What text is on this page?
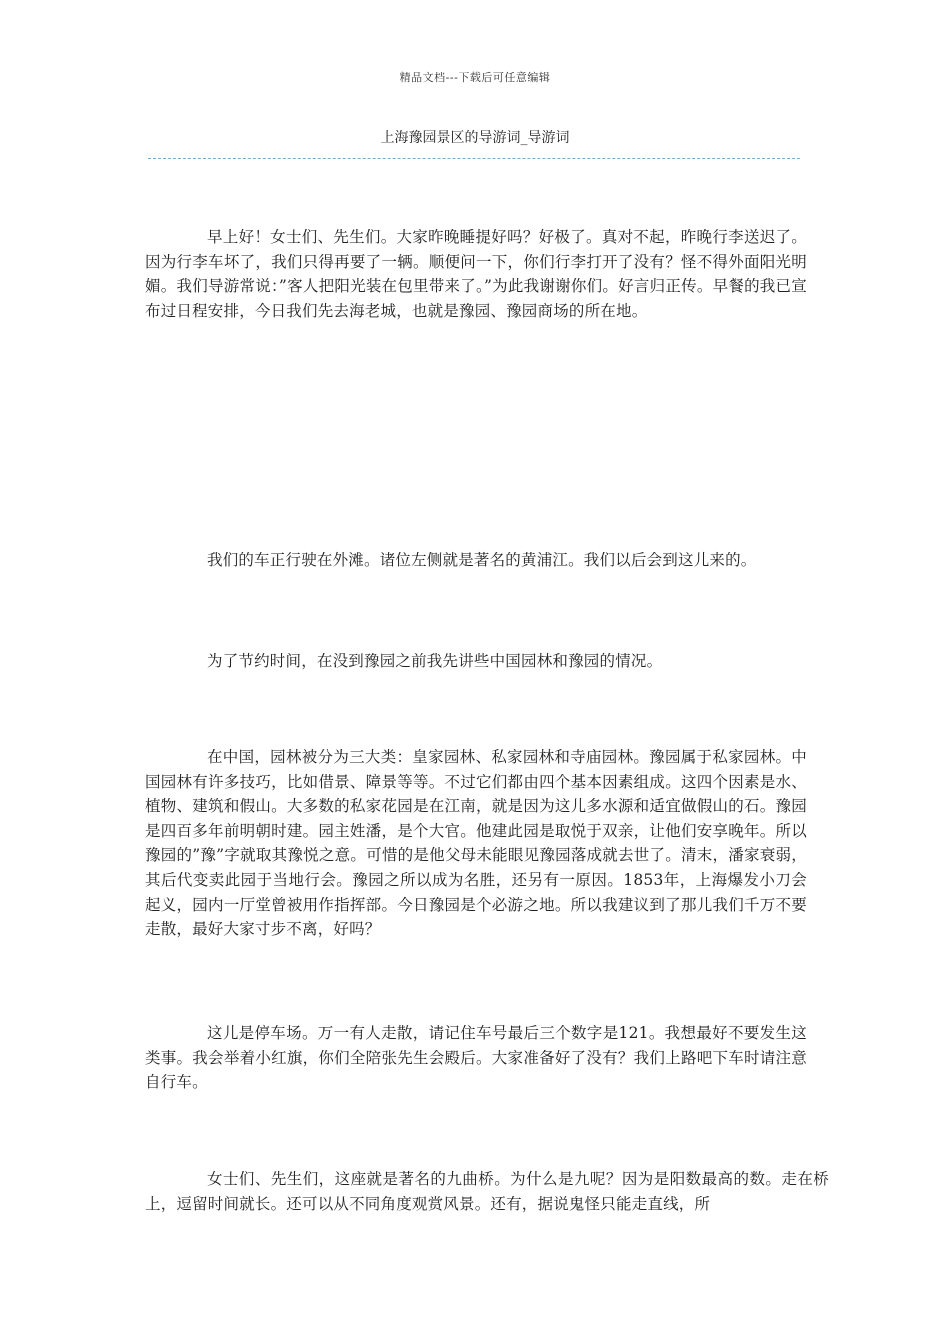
精品文档---下载后可任意编辑
上海豫园景区的导游词_导游词

早上好！女士们、先生们。大家昨晚睡提好吗？好极了。真对不起，昨晚行李送迟了。因为行李车坏了，我们只得再要了一辆。顺便问一下，你们行李打开了没有？怪不得外面阳光明媚。我们导游常说：”客人把阳光装在包里带来了。”为此我谢谢你们。好言归正传。早餐的我已宣布过日程安排，今日我们先去海老城，也就是豫园、豫园商场的所在地。

我们的车正行驶在外滩。诸位左侧就是著名的黄浦江。我们以后会到这儿来的。

为了节约时间，在没到豫园之前我先讲些中国园林和豫园的情况。

在中国，园林被分为三大类：皇家园林、私家园林和寺庙园林。豫园属于私家园林。中国园林有许多技巧，比如借景、障景等等。不过它们都由四个基本因素组成。这四个因素是水、植物、建筑和假山。大多数的私家花园是在江南，就是因为这儿多水源和适宜做假山的石。豫园是四百多年前明朝时建。园主姓潘，是个大官。他建此园是取悦于双亲，让他们安享晚年。所以豫园的”豫”字就取其豫悦之意。可惜的是他父母未能眼见豫园落成就去世了。清末，潘家衰弱，其后代变卖此园于当地行会。豫园之所以成为名胜，还另有一原因。1853年，上海爆发小刀会起义，园内一厅堂曾被用作指挥部。今日豫园是个必游之地。所以我建议到了那儿我们千万不要走散，最好大家寸步不离，好吗？

这儿是停车场。万一有人走散，请记住车号最后三个数字是121。我想最好不要发生这类事。我会举着小红旗，你们全陪张先生会殿后。大家准备好了没有？我们上路吧下车时请注意自行车。

女士们、先生们，这座就是著名的九曲桥。为什么是九呢？因为是阳数最高的数。走在桥上，逗留时间就长。还可以从不同角度观赏风景。还有，据说鬼怪只能走直线，所
